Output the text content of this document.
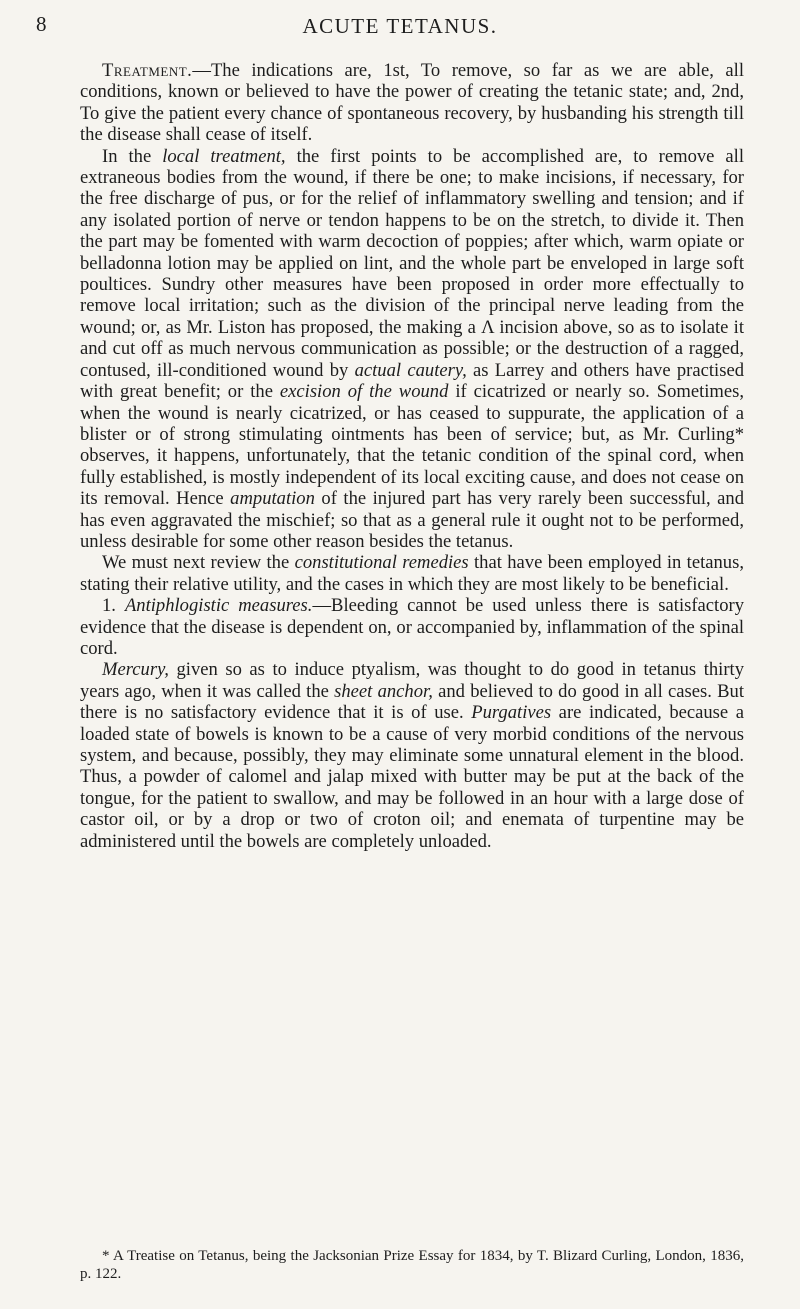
8	ACUTE TETANUS.

Treatment.—The indications are, 1st, To remove, so far as we are able, all conditions, known or believed to have the power of creating the tetanic state; and, 2nd, To give the patient every chance of spontaneous recovery, by husbanding his strength till the disease shall cease of itself.

In the local treatment, the first points to be accomplished are, to remove all extraneous bodies from the wound, if there be one; to make incisions, if necessary, for the free discharge of pus, or for the relief of inflammatory swelling and tension; and if any isolated portion of nerve or tendon happens to be on the stretch, to divide it. Then the part may be fomented with warm decoction of poppies; after which, warm opiate or belladonna lotion may be applied on lint, and the whole part be enveloped in large soft poultices. Sundry other measures have been proposed in order more effectually to remove local irritation; such as the division of the principal nerve leading from the wound; or, as Mr. Liston has proposed, the making a Λ incision above, so as to isolate it and cut off as much nervous communication as possible; or the destruction of a ragged, contused, ill-conditioned wound by actual cautery, as Larrey and others have practised with great benefit; or the excision of the wound if cicatrized or nearly so. Sometimes, when the wound is nearly cicatrized, or has ceased to suppurate, the application of a blister or of strong stimulating ointments has been of service; but, as Mr. Curling* observes, it happens, unfortunately, that the tetanic condition of the spinal cord, when fully established, is mostly independent of its local exciting cause, and does not cease on its removal. Hence amputation of the injured part has very rarely been successful, and has even aggravated the mischief; so that as a general rule it ought not to be performed, unless desirable for some other reason besides the tetanus.

We must next review the constitutional remedies that have been employed in tetanus, stating their relative utility, and the cases in which they are most likely to be beneficial.

1. Antiphlogistic measures.—Bleeding cannot be used unless there is satisfactory evidence that the disease is dependent on, or accompanied by, inflammation of the spinal cord.

Mercury, given so as to induce ptyalism, was thought to do good in tetanus thirty years ago, when it was called the sheet anchor, and believed to do good in all cases. But there is no satisfactory evidence that it is of use. Purgatives are indicated, because a loaded state of bowels is known to be a cause of very morbid conditions of the nervous system, and because, possibly, they may eliminate some unnatural element in the blood. Thus, a powder of calomel and jalap mixed with butter may be put at the back of the tongue, for the patient to swallow, and may be followed in an hour with a large dose of castor oil, or by a drop or two of croton oil; and enemata of turpentine may be administered until the bowels are completely unloaded.

* A Treatise on Tetanus, being the Jacksonian Prize Essay for 1834, by T. Blizard Curling, London, 1836, p. 122.
